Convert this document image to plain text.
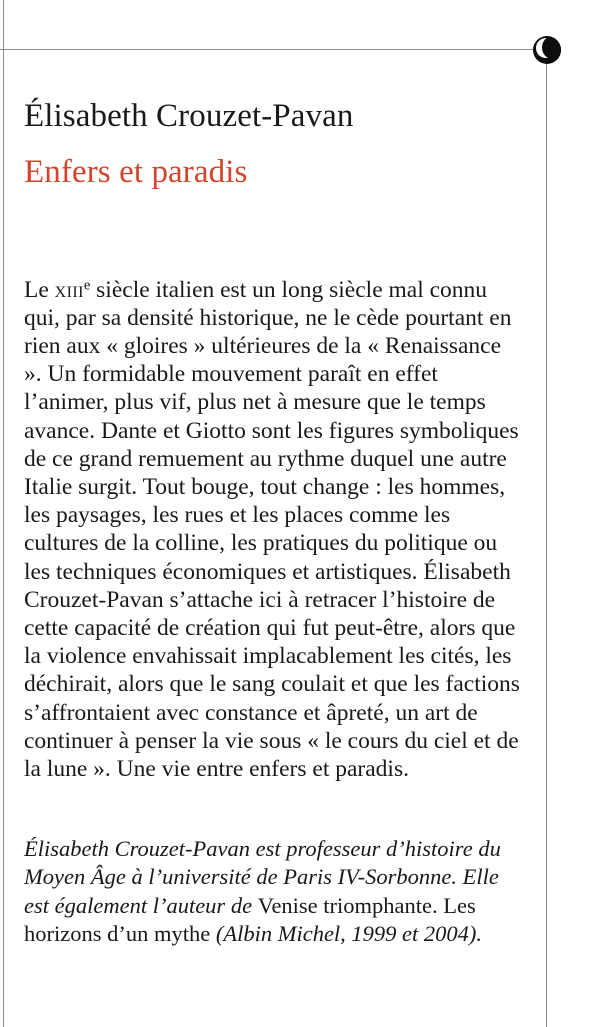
Élisabeth Crouzet-Pavan
Enfers et paradis

Le xiii$^e$ siècle italien est un long siècle mal connu qui, par sa densité historique, ne le cède pourtant en rien aux « gloires » ultérieures de la « Renaissance ». Un formidable mouvement paraît en effet l’animer, plus vif, plus net à mesure que le temps avance. Dante et Giotto sont les figures symboliques de ce grand remuement au rythme duquel une autre Italie surgit. Tout bouge, tout change : les hommes, les paysages, les rues et les places comme les cultures de la colline, les pratiques du politique ou les techniques économiques et artistiques. Élisabeth Crouzet-Pavan s’attache ici à retracer l’histoire de cette capacité de création qui fut peut-être, alors que la violence envahissait implacablement les cités, les déchirait, alors que le sang coulait et que les factions s’affrontaient avec constance et âpreté, un art de continuer à penser la vie sous « le cours du ciel et de la lune ». Une vie entre enfers et paradis.

Élisabeth Crouzet-Pavan est professeur d’histoire du Moyen Âge à l’université de Paris IV-Sorbonne. Elle est également l’auteur de Venise triomphante. Les horizons d’un mythe (Albin Michel, 1999 et 2004).
